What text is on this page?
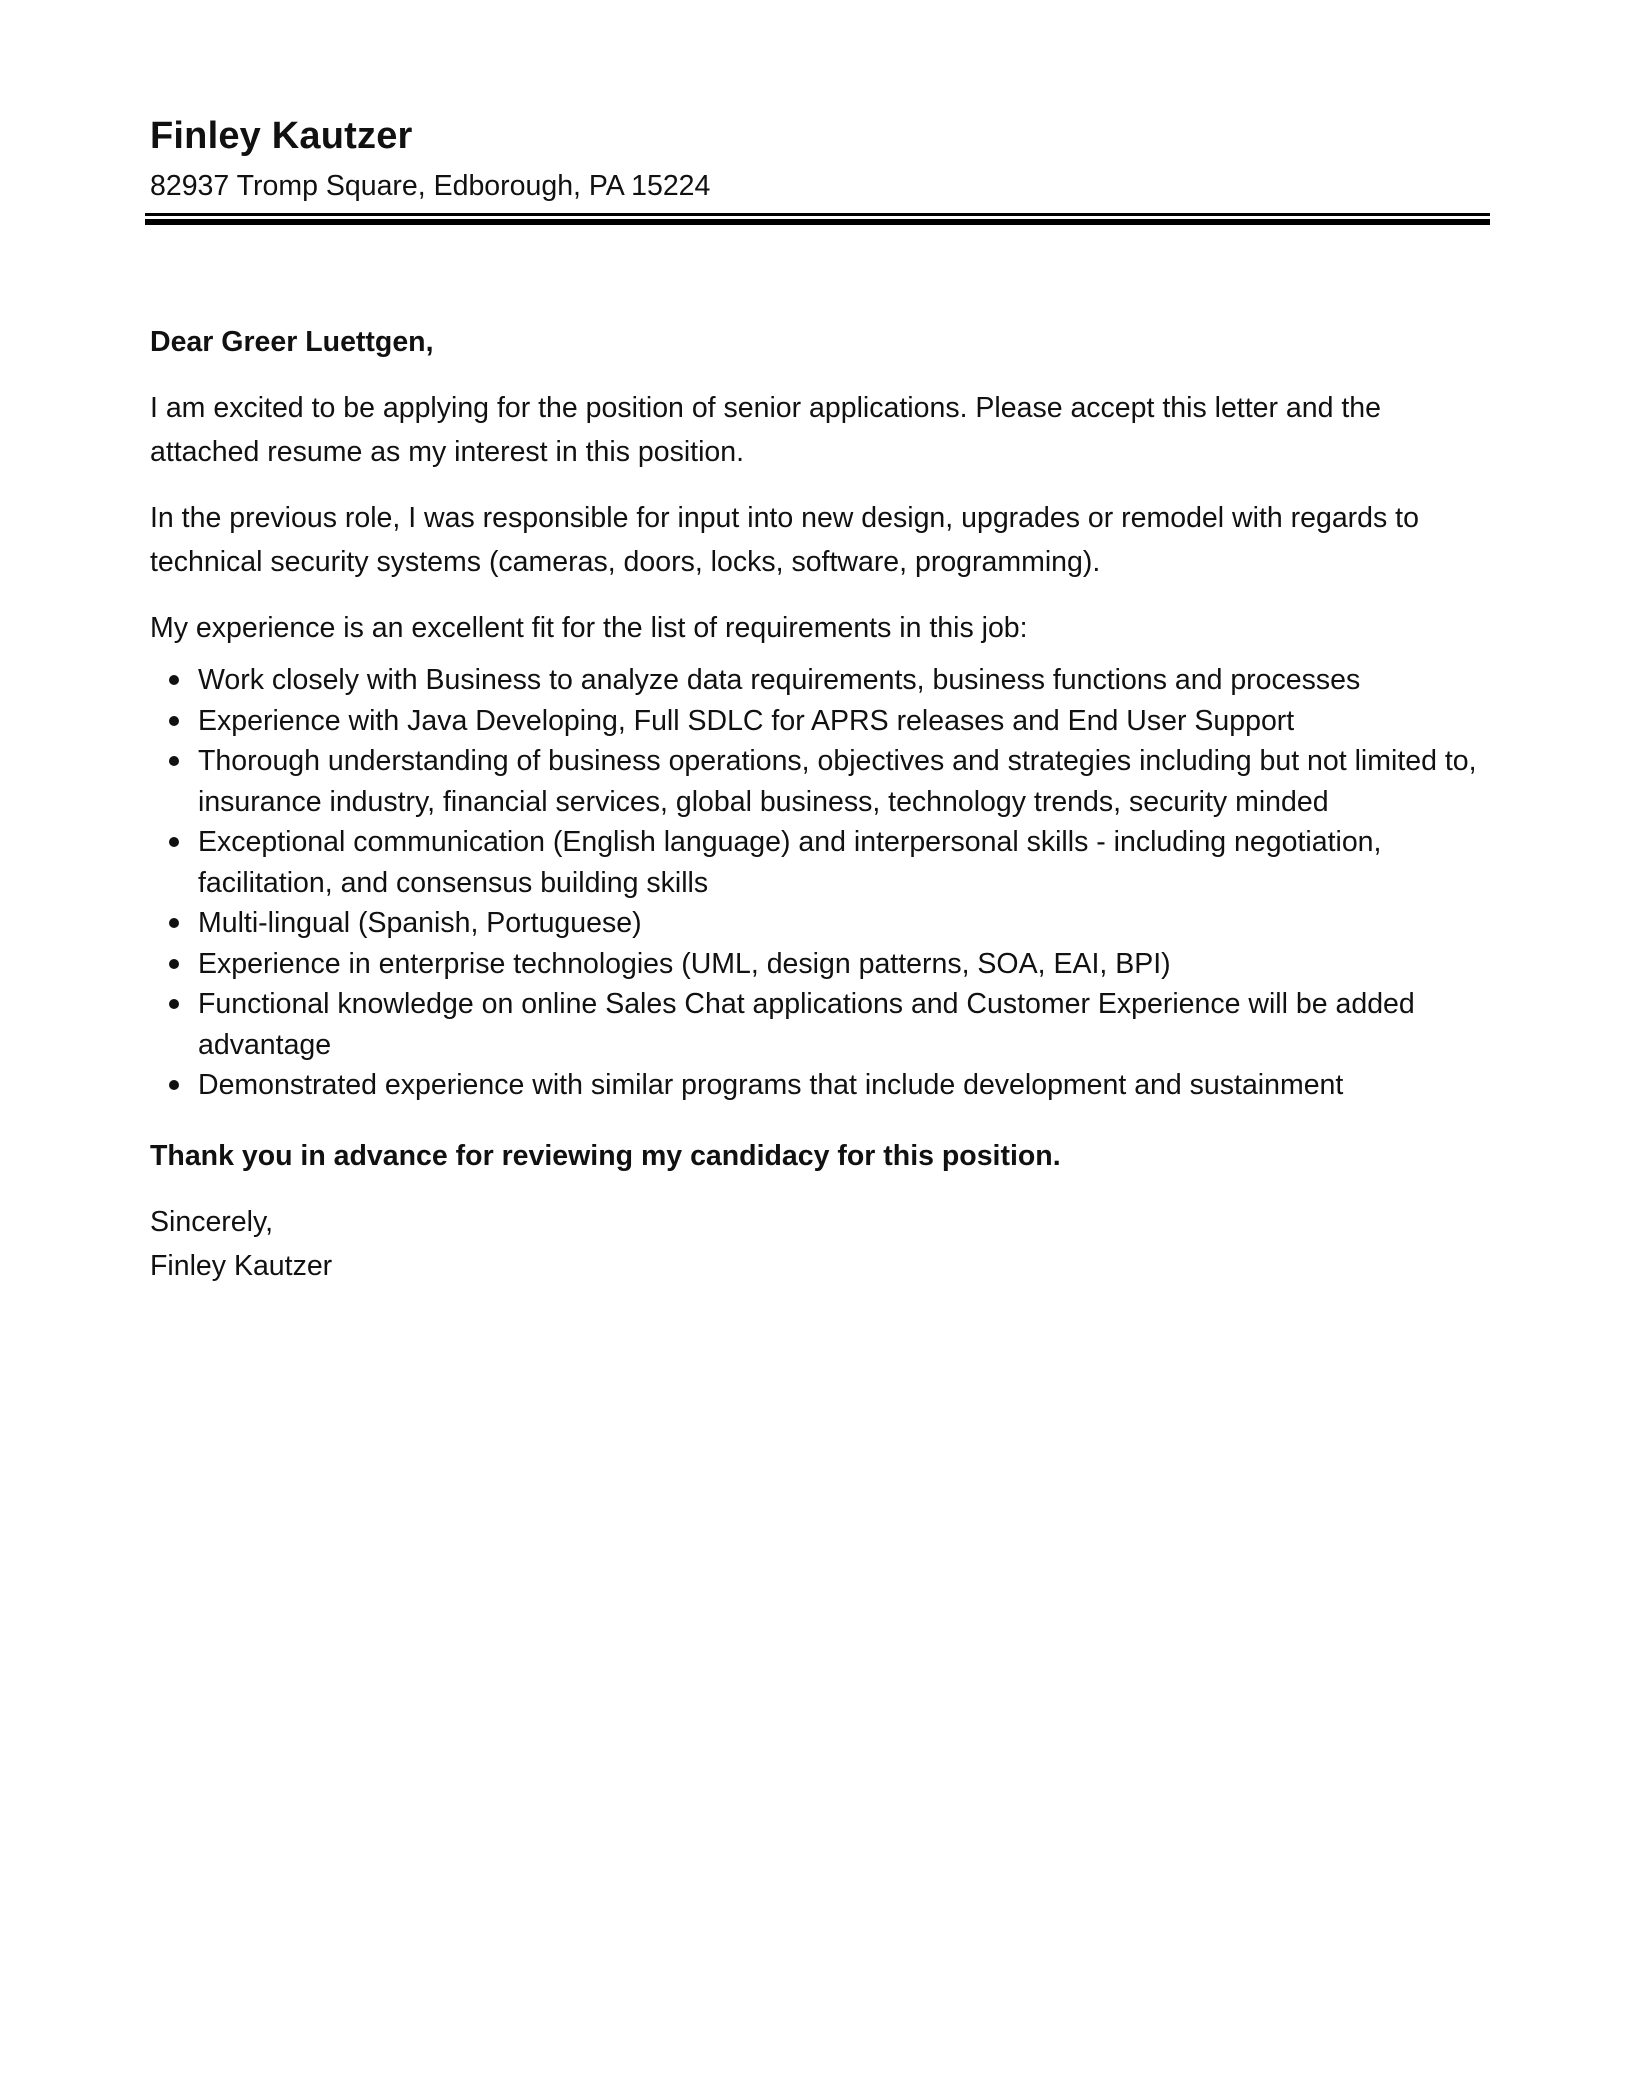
Finley Kautzer

82937 Tromp Square, Edborough, PA 15224

Dear Greer Luettgen,

I am excited to be applying for the position of senior applications. Please accept this letter and the attached resume as my interest in this position.

In the previous role, I was responsible for input into new design, upgrades or remodel with regards to technical security systems (cameras, doors, locks, software, programming).

My experience is an excellent fit for the list of requirements in this job:

Work closely with Business to analyze data requirements, business functions and processes
Experience with Java Developing, Full SDLC for APRS releases and End User Support
Thorough understanding of business operations, objectives and strategies including but not limited to, insurance industry, financial services, global business, technology trends, security minded
Exceptional communication (English language) and interpersonal skills - including negotiation, facilitation, and consensus building skills
Multi-lingual (Spanish, Portuguese)
Experience in enterprise technologies (UML, design patterns, SOA, EAI, BPI)
Functional knowledge on online Sales Chat applications and Customer Experience will be added advantage
Demonstrated experience with similar programs that include development and sustainment

Thank you in advance for reviewing my candidacy for this position.

Sincerely,

Finley Kautzer
